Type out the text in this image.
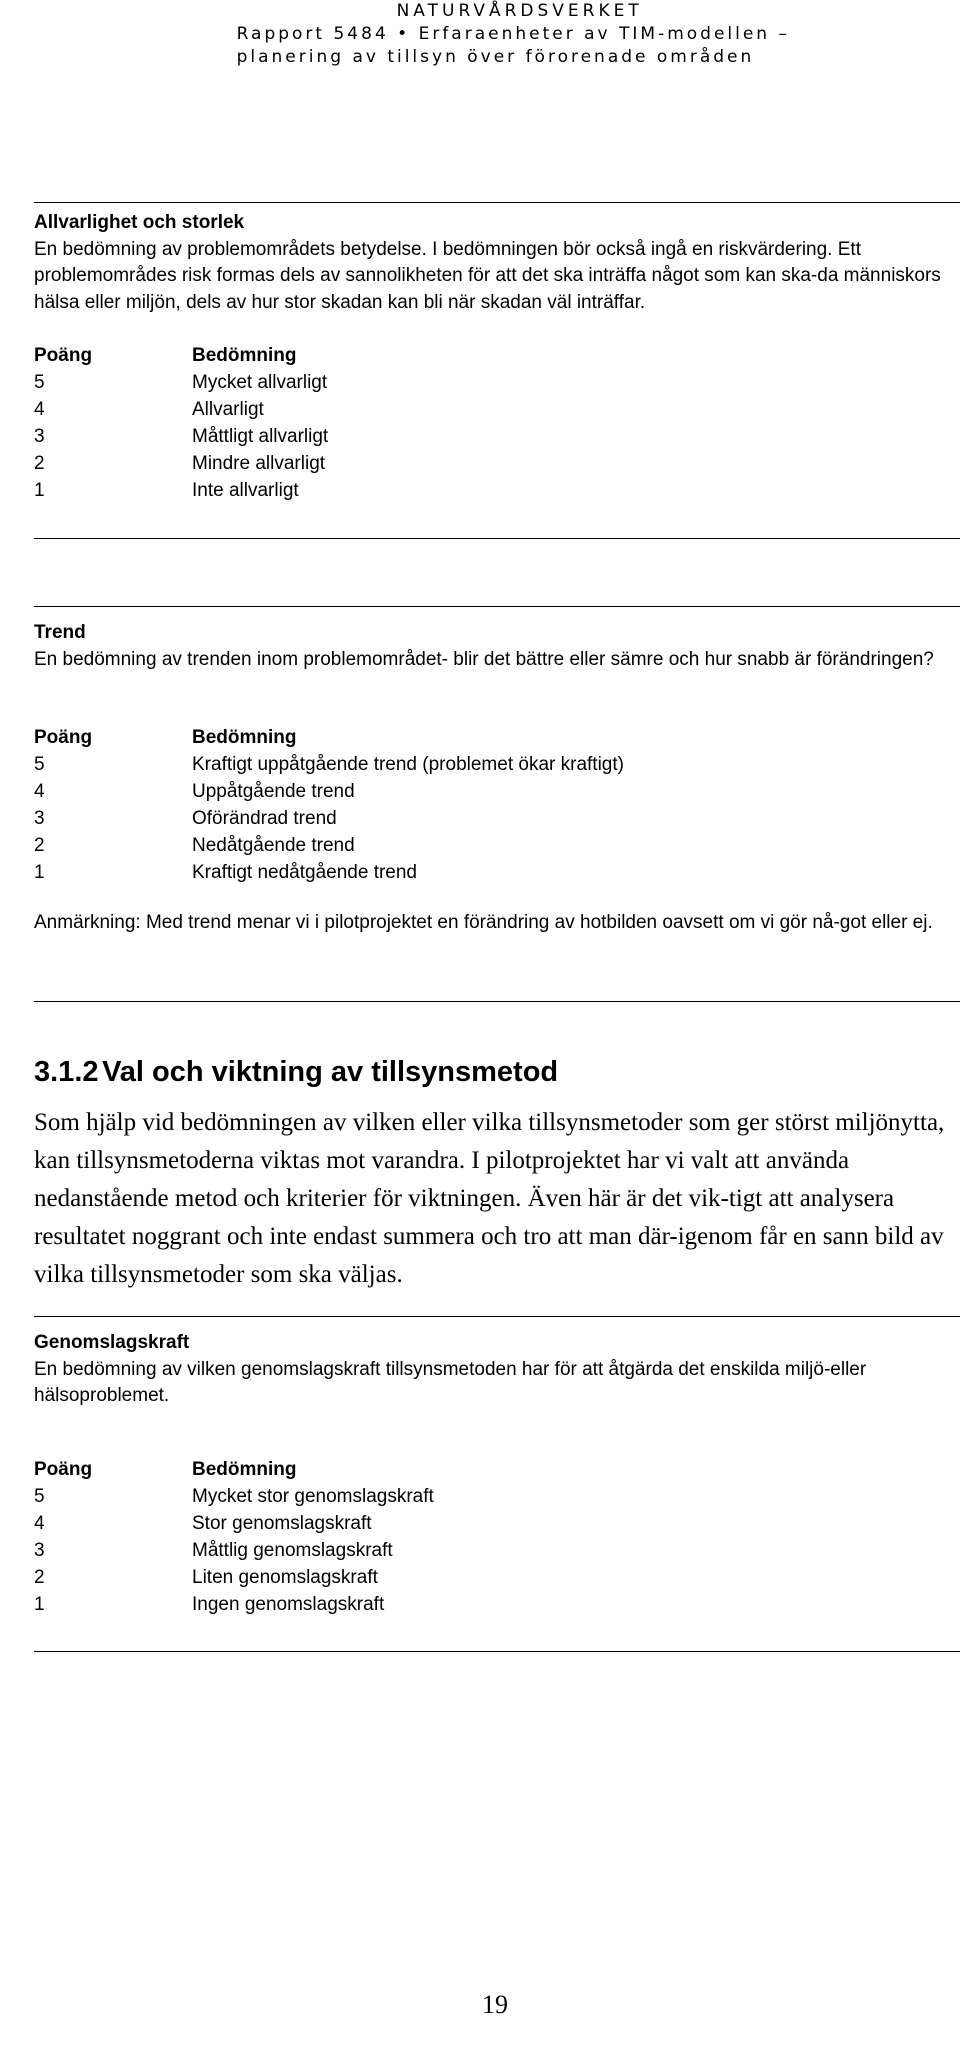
NATURVÅRDSVERKET
Rapport 5484 • Erfaraenheter av TIM-modellen –
planering av tillsyn över förorenade områden
Allvarlighet och storlek
En bedömning av problemområdets betydelse. I bedömningen bör också ingå en riskvärdering. Ett problemområdes risk formas dels av sannolikheten för att det ska inträffa något som kan ska-da människors hälsa eller miljön, dels av hur stor skadan kan bli när skadan väl inträffar.
Poäng	Bedömning
5	Mycket allvarligt
4	Allvarligt
3	Måttligt allvarligt
2	Mindre allvarligt
1	Inte allvarligt
Trend
En bedömning av trenden inom problemområdet- blir det bättre eller sämre och hur snabb är förändringen?
Poäng	Bedömning
5	Kraftigt uppåtgående trend (problemet ökar kraftigt)
4	Uppåtgående trend
3	Oförändrad trend
2	Nedåtgående trend
1	Kraftigt nedåtgående trend
Anmärkning: Med trend menar vi i pilotprojektet en förändring av hotbilden oavsett om vi gör nå-got eller ej.
3.1.2 Val och viktning av tillsynsmetod
Som hjälp vid bedömningen av vilken eller vilka tillsynsmetoder som ger störst miljönytta, kan tillsynsmetoderna viktas mot varandra. I pilotprojektet har vi valt att använda nedanstående metod och kriterier för viktningen. Även här är det vik-tigt att analysera resultatet noggrant och inte endast summera och tro att man där-igenom får en sann bild av vilka tillsynsmetoder som ska väljas.
Genomslagskraft
En bedömning av vilken genomslagskraft tillsynsmetoden har för att åtgärda det enskilda miljö-eller hälsoproblemet.
Poäng	Bedömning
5	Mycket stor genomslagskraft
4	Stor genomslagskraft
3	Måttlig genomslagskraft
2	Liten genomslagskraft
1	Ingen genomslagskraft
19
